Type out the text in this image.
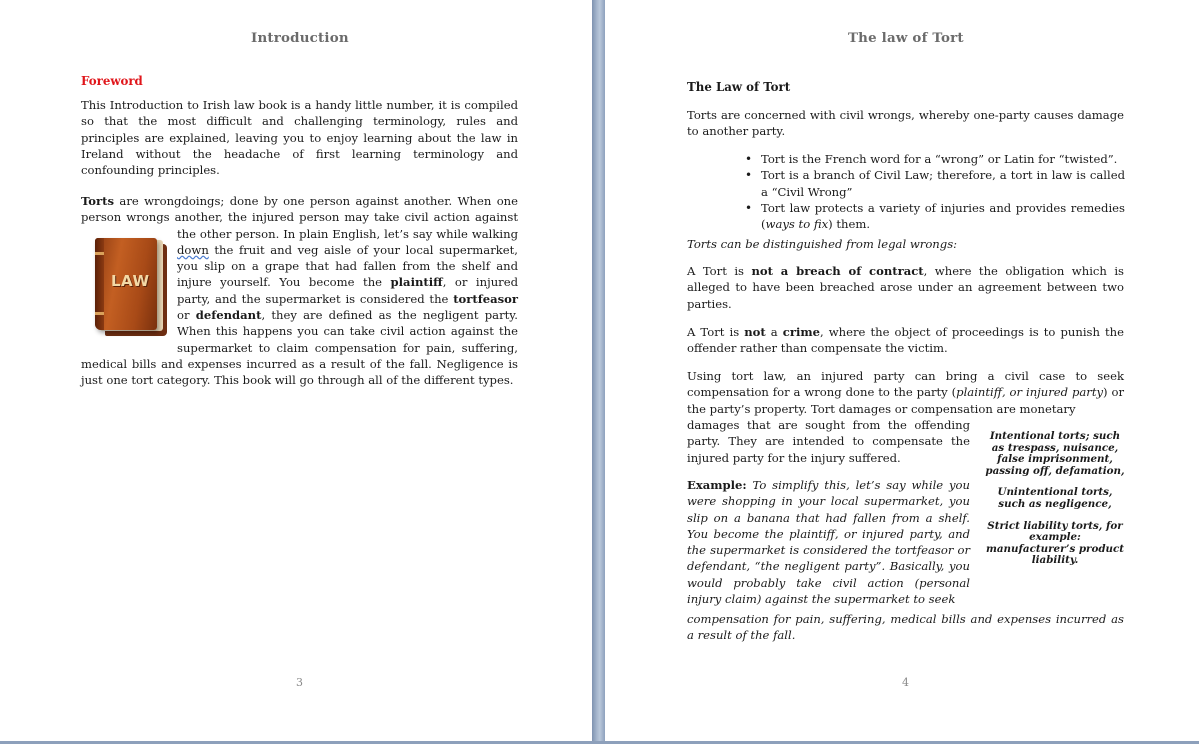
Introduction
Foreword

This Introduction to Irish law book is a handy little number, it is compiled so that the most difficult and challenging terminology, rules and principles are explained, leaving you to enjoy learning about the law in Ireland without the headache of first learning terminology and confounding principles.

Torts are wrongdoings; done by one person against another. When one person wrongs another, the injured person may take civil action against the other person. In plain English, let’s say while walking
LAW
down the fruit and veg aisle of your local supermarket, you slip on a grape that had fallen from the shelf and injure yourself. You become the plaintiff, or injured party, and the supermarket is considered the tortfeasor or defendant, they are defined as the negligent party. When this happens you can take civil action against the supermarket to claim compensation for pain, suffering, medical bills and expenses incurred as a result of the fall. Negligence is just one tort category. This book will go through all of the different types.

3
The law of Tort
The Law of Tort

Torts are concerned with civil wrongs, whereby one-party causes damage to another party.

• Tort is the French word for a “wrong” or Latin for “twisted”.
• Tort is a branch of Civil Law; therefore, a tort in law is called a “Civil Wrong”
• Tort law protects a variety of injuries and provides remedies (ways to fix) them.

Torts can be distinguished from legal wrongs:

A Tort is not a breach of contract, where the obligation which is alleged to have been breached arose under an agreement between two parties.

A Tort is not a crime, where the object of proceedings is to punish the offender rather than compensate the victim.

Using tort law, an injured party can bring a civil case to seek compensation for a wrong done to the party (plaintiff, or injured party) or the party’s property. Tort damages or compensation are monetary

damages that are sought from the offending party. They are intended to compensate the injured party for the injury suffered.

Example: To simplify this, let’s say while you were shopping in your local supermarket, you slip on a banana that had fallen from a shelf. You become the plaintiff, or injured party, and the supermarket is considered the tortfeasor or defendant, “the negligent party”. Basically, you would probably take civil action (personal injury claim) against the supermarket to seek

compensation for pain, suffering, medical bills and expenses incurred as a result of the fall.

Intentional torts; such as trespass, nuisance, false imprisonment, passing off, defamation,

Unintentional torts, such as negligence,

Strict liability torts, for example: manufacturer’s product liability.

4
